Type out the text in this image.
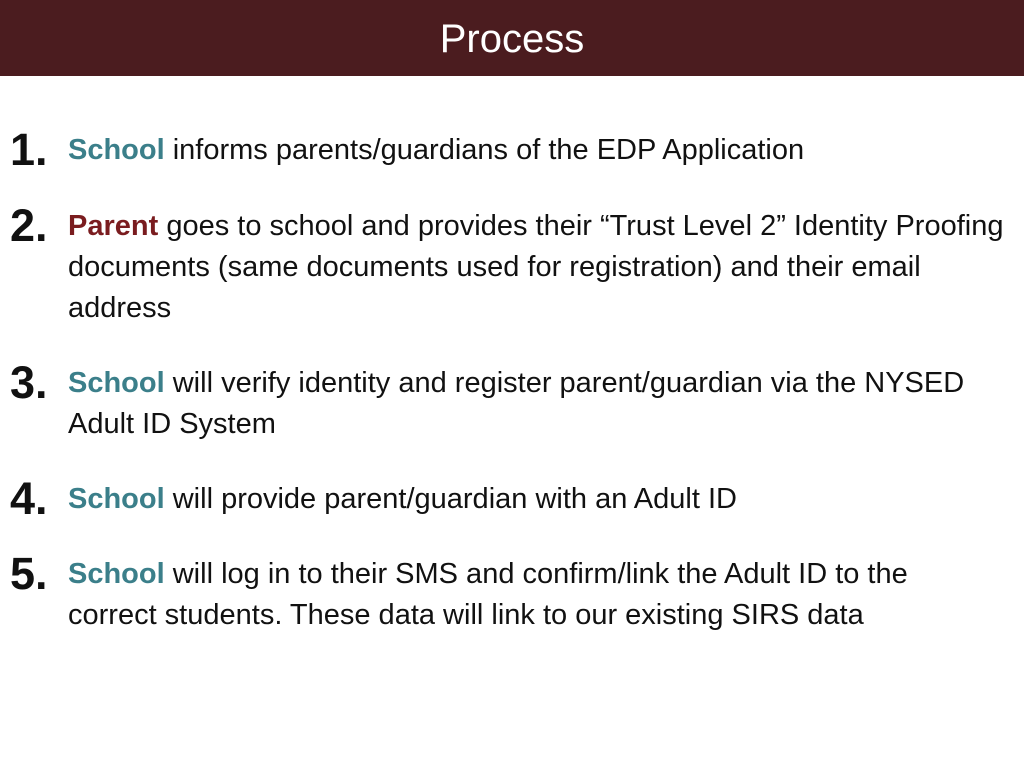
Process
1. School informs parents/guardians of the EDP Application
2. Parent goes to school and provides their “Trust Level 2” Identity Proofing documents (same documents used for registration) and their email address
3. School will verify identity and register parent/guardian via the NYSED Adult ID System
4. School will provide parent/guardian with an Adult ID
5. School will log in to their SMS and confirm/link the Adult ID to the correct students. These data will link to our existing SIRS data
